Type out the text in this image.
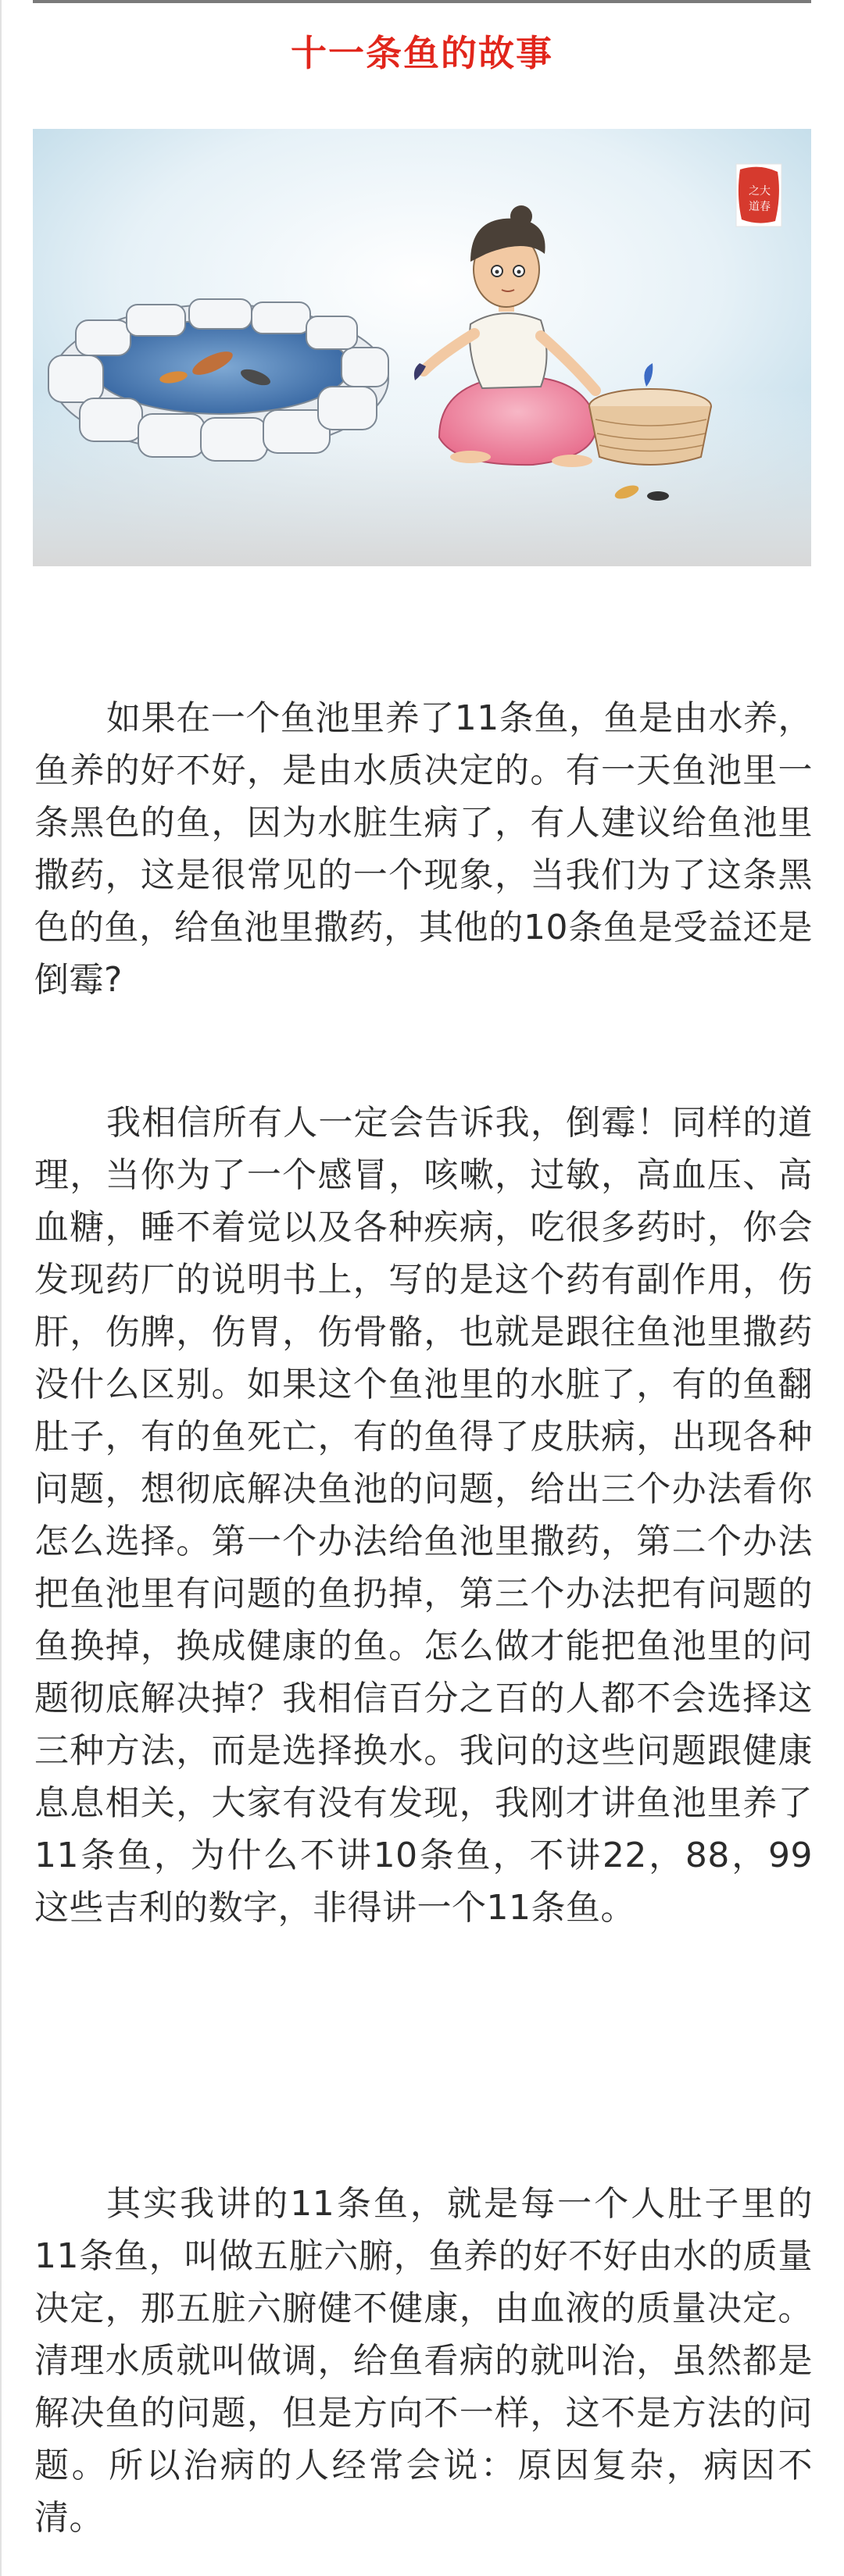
十一条鱼的故事
之大
道春

如果在一个鱼池里养了11条鱼，鱼是由水养，鱼养的好不好，是由水质决定的。有一天鱼池里一条黑色的鱼，因为水脏生病了，有人建议给鱼池里撒药，这是很常见的一个现象，当我们为了这条黑色的鱼，给鱼池里撒药，其他的10条鱼是受益还是倒霉?

我相信所有人一定会告诉我，倒霉！同样的道理，当你为了一个感冒，咳嗽，过敏，高血压、高血糖，睡不着觉以及各种疾病，吃很多药时，你会发现药厂的说明书上，写的是这个药有副作用，伤肝，伤脾，伤胃，伤骨骼，也就是跟往鱼池里撒药没什么区别。如果这个鱼池里的水脏了，有的鱼翻肚子，有的鱼死亡，有的鱼得了皮肤病，出现各种问题，想彻底解决鱼池的问题，给出三个办法看你怎么选择。第一个办法给鱼池里撒药，第二个办法把鱼池里有问题的鱼扔掉，第三个办法把有问题的鱼换掉，换成健康的鱼。怎么做才能把鱼池里的问题彻底解决掉？我相信百分之百的人都不会选择这三种方法，而是选择换水。我问的这些问题跟健康息息相关，大家有没有发现，我刚才讲鱼池里养了11条鱼，为什么不讲10条鱼，不讲22，88，99这些吉利的数字，非得讲一个11条鱼。

其实我讲的11条鱼，就是每一个人肚子里的11条鱼，叫做五脏六腑，鱼养的好不好由水的质量决定，那五脏六腑健不健康，由血液的质量决定。清理水质就叫做调，给鱼看病的就叫治，虽然都是解决鱼的问题，但是方向不一样，这不是方法的问题。所以治病的人经常会说：原因复杂，病因不清。
